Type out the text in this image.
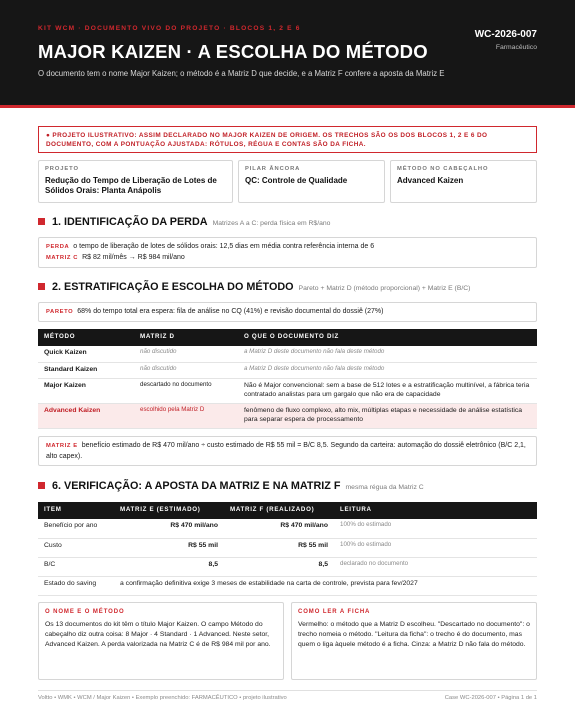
KIT WCM · DOCUMENTO VIVO DO PROJETO · BLOCOS 1, 2 E 6
MAJOR KAIZEN · A ESCOLHA DO MÉTODO
O documento tem o nome Major Kaizen; o método é a Matriz D que decide, e a Matriz F confere a aposta da Matriz E
WC-2026-007
Farmacêutico
● PROJETO ILUSTRATIVO: ASSIM DECLARADO NO MAJOR KAIZEN DE ORIGEM. OS TRECHOS SÃO OS DOS BLOCOS 1, 2 E 6 DO DOCUMENTO, COM A PONTUAÇÃO AJUSTADA: RÓTULOS, RÉGUA E CONTAS SÃO DA FICHA.
PROJETO
Redução do Tempo de Liberação de Lotes de Sólidos Orais: Planta Anápolis
PILAR ÂNCORA
QC: Controle de Qualidade
MÉTODO NO CABEÇALHO
Advanced Kaizen
1. IDENTIFICAÇÃO DA PERDA Matrizes A a C: perda física em R$/ano
PERDA o tempo de liberação de lotes de sólidos orais: 12,5 dias em média contra referência interna de 6
MATRIZ C R$ 82 mil/mês → R$ 984 mil/ano
2. ESTRATIFICAÇÃO E ESCOLHA DO MÉTODO Pareto + Matriz D (método proporcional) + Matriz E (B/C)
PARETO 68% do tempo total era espera: fila de análise no CQ (41%) e revisão documental do dossiê (27%)
MÉTODO	MATRIZ D	O QUE O DOCUMENTO DIZ
Quick Kaizen	não discutido	a Matriz D deste documento não fala deste método
Standard Kaizen	não discutido	a Matriz D deste documento não fala deste método
Major Kaizen	descartado no documento	Não é Major convencional: sem a base de 512 lotes e a estratificação multinível, a fábrica teria contratado analistas para um gargalo que não era de capacidade
Advanced Kaizen	escolhido pela Matriz D	fenômeno de fluxo complexo, alto mix, múltiplas etapas e necessidade de análise estatística para separar espera de processamento
MATRIZ E benefício estimado de R$ 470 mil/ano ÷ custo estimado de R$ 55 mil = B/C 8,5. Segundo da carteira: automação do dossiê eletrônico (B/C 2,1, alto capex).
6. VERIFICAÇÃO: A APOSTA DA MATRIZ E NA MATRIZ F mesma régua da Matriz C
ITEM	MATRIZ E (ESTIMADO)	MATRIZ F (REALIZADO)	LEITURA
Benefício por ano	R$ 470 mil/ano	R$ 470 mil/ano	100% do estimado
Custo	R$ 55 mil	R$ 55 mil	100% do estimado
B/C	8,5	8,5	declarado no documento
Estado do saving	a confirmação definitiva exige 3 meses de estabilidade na carta de controle, prevista para fev/2027		
O NOME E O MÉTODO
Os 13 documentos do kit têm o título Major Kaizen. O campo Método do cabeçalho diz outra coisa: 8 Major · 4 Standard · 1 Advanced. Neste setor, Advanced Kaizen. A perda valorizada na Matriz C é de R$ 984 mil por ano.
COMO LER A FICHA
Vermelho: o método que a Matriz D escolheu. "Descartado no documento": o trecho nomeia o método. "Leitura da ficha": o trecho é do documento, mas quem o liga àquele método é a ficha. Cinza: a Matriz D não fala do método.
Voltto • WMK • WCM / Major Kaizen • Exemplo preenchido: FARMACÊUTICO • projeto ilustrativo	Case WC-2026-007 • Página 1 de 1
